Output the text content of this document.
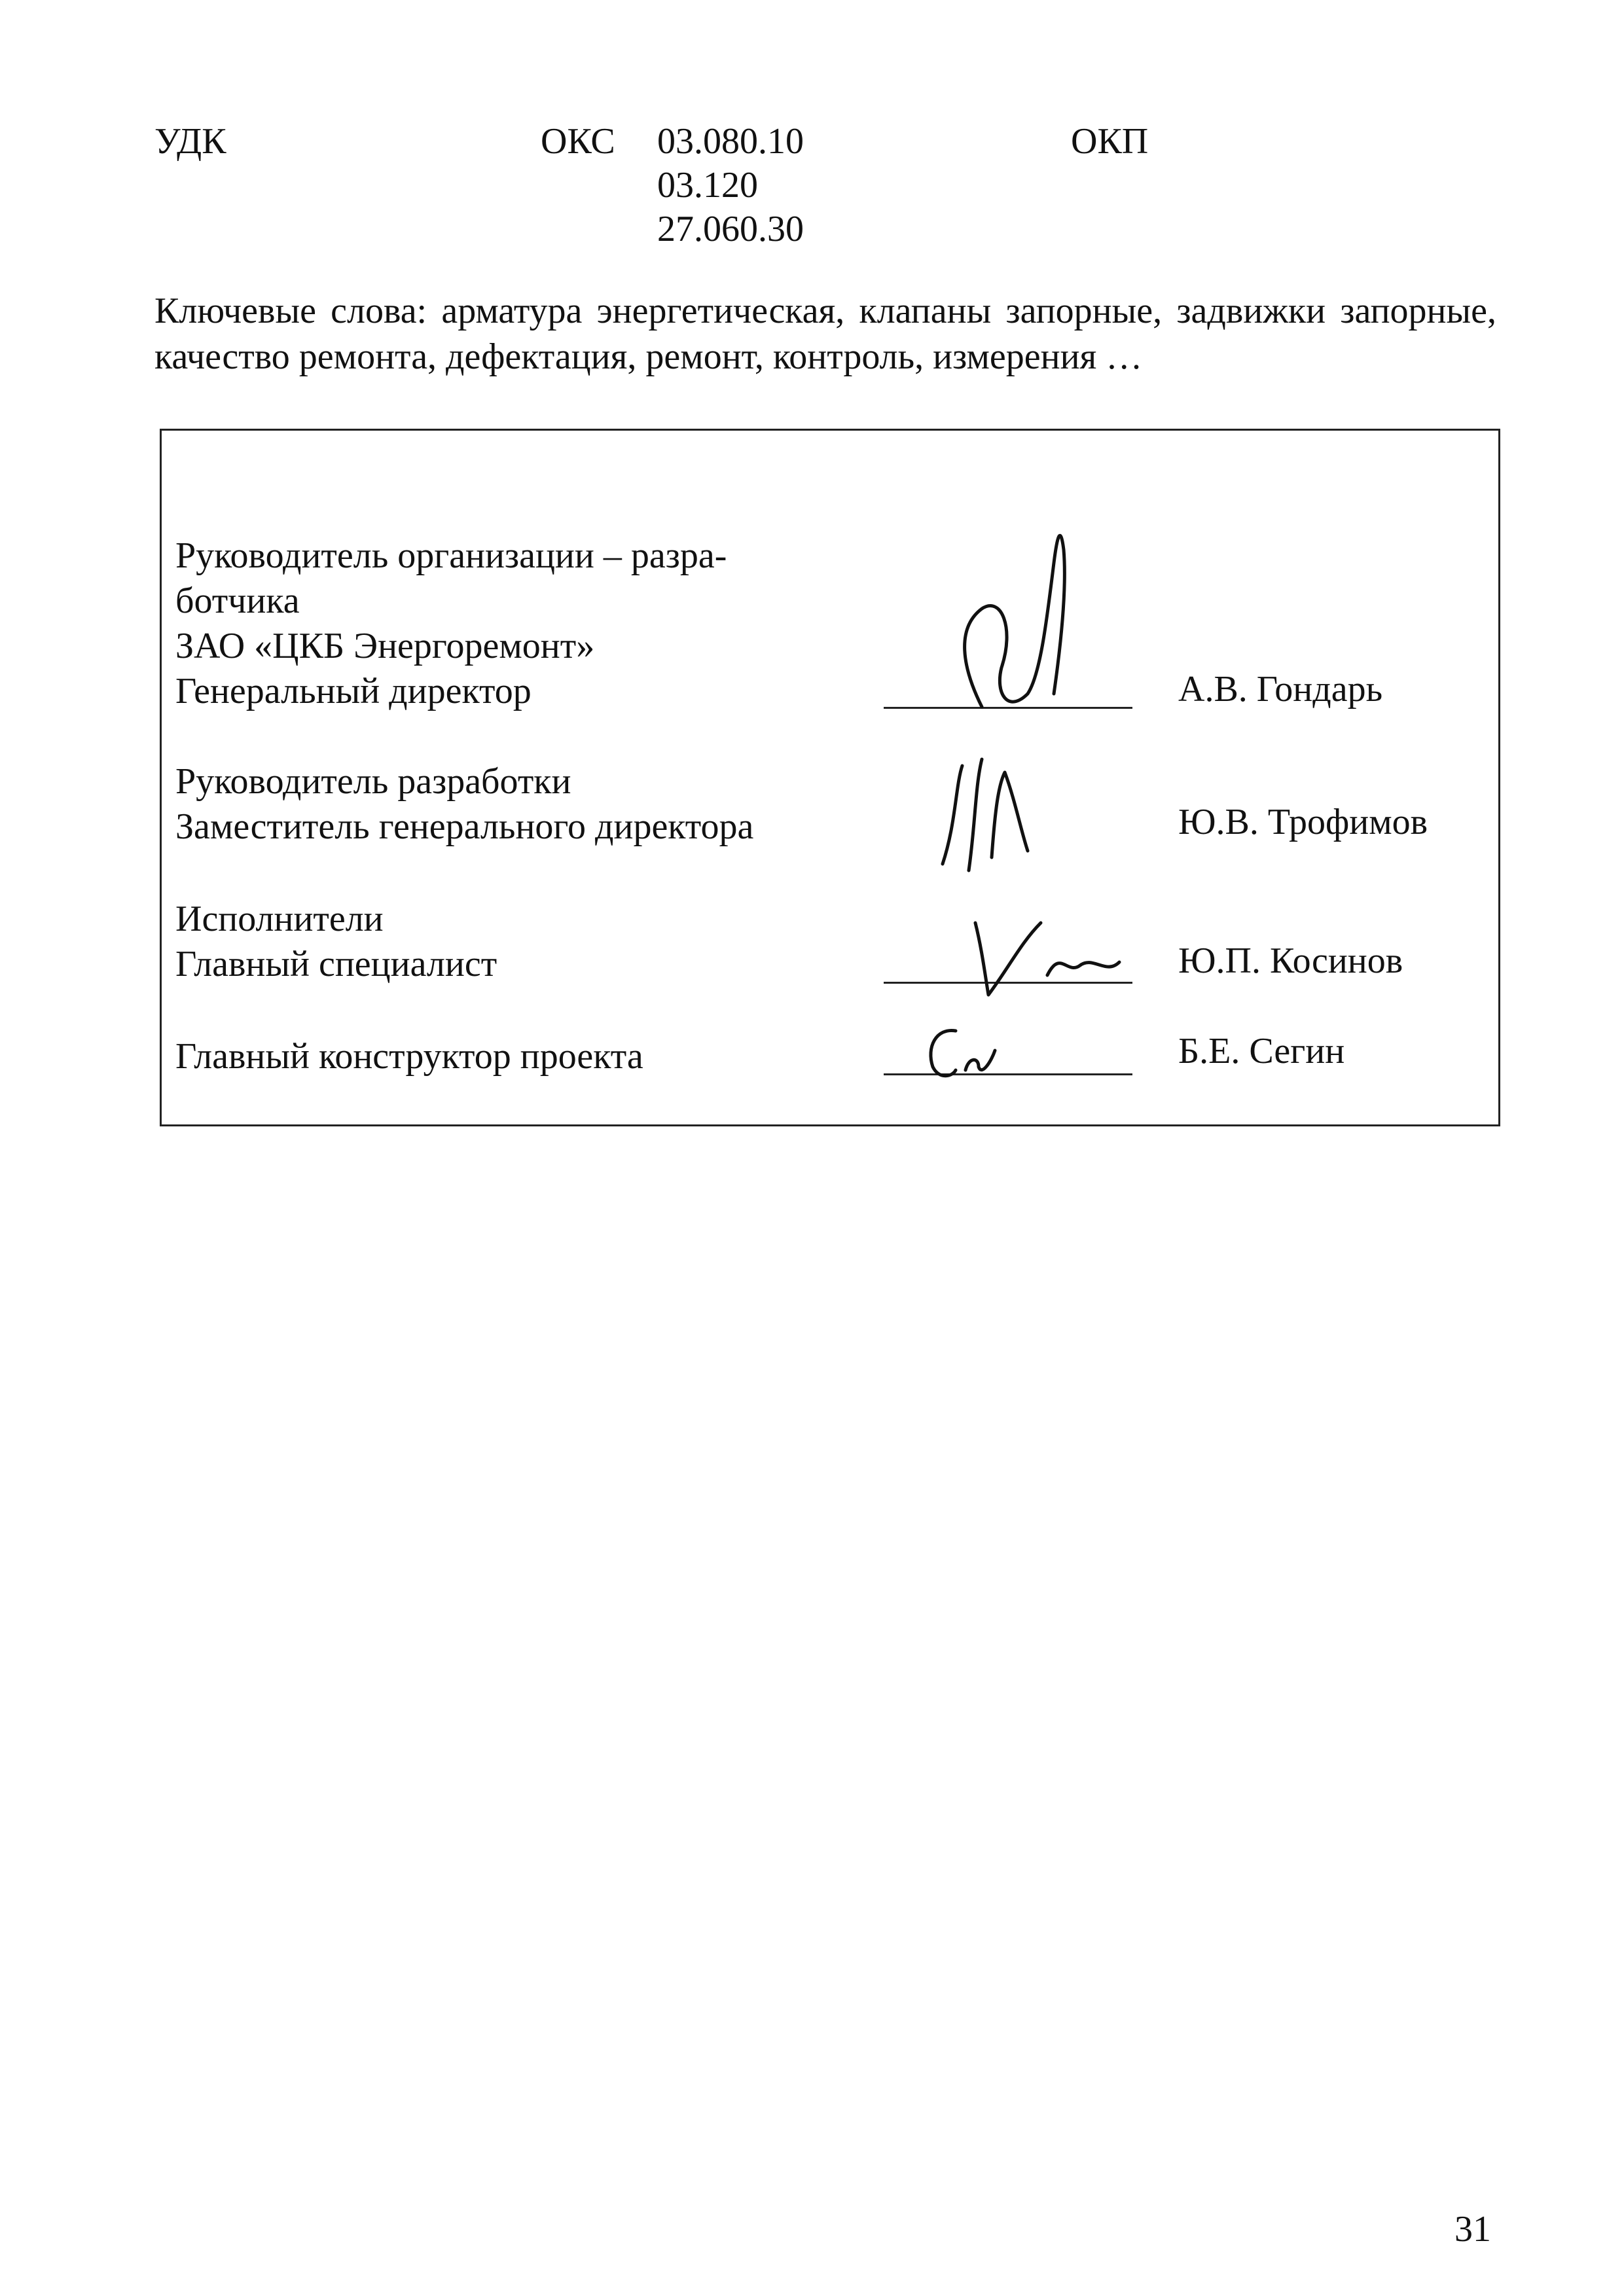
УДК	ОКС 03.080.10
03.120
27.060.30
ОКП
Ключевые слова: арматура энергетическая, клапаны запорные, задвижки запорные, качество ремонта, дефектация, ремонт, контроль, измерения …
Руководитель организации – разра-
ботчика
ЗАО «ЦКБ Энергоремонт»
Генеральный директор	А.В. Гондарь
Руководитель разработки
Заместитель генерального директора	Ю.В. Трофимов
Исполнители
Главный специалист	Ю.П. Косинов
Главный конструктор проекта	Б.Е. Сегин
31
